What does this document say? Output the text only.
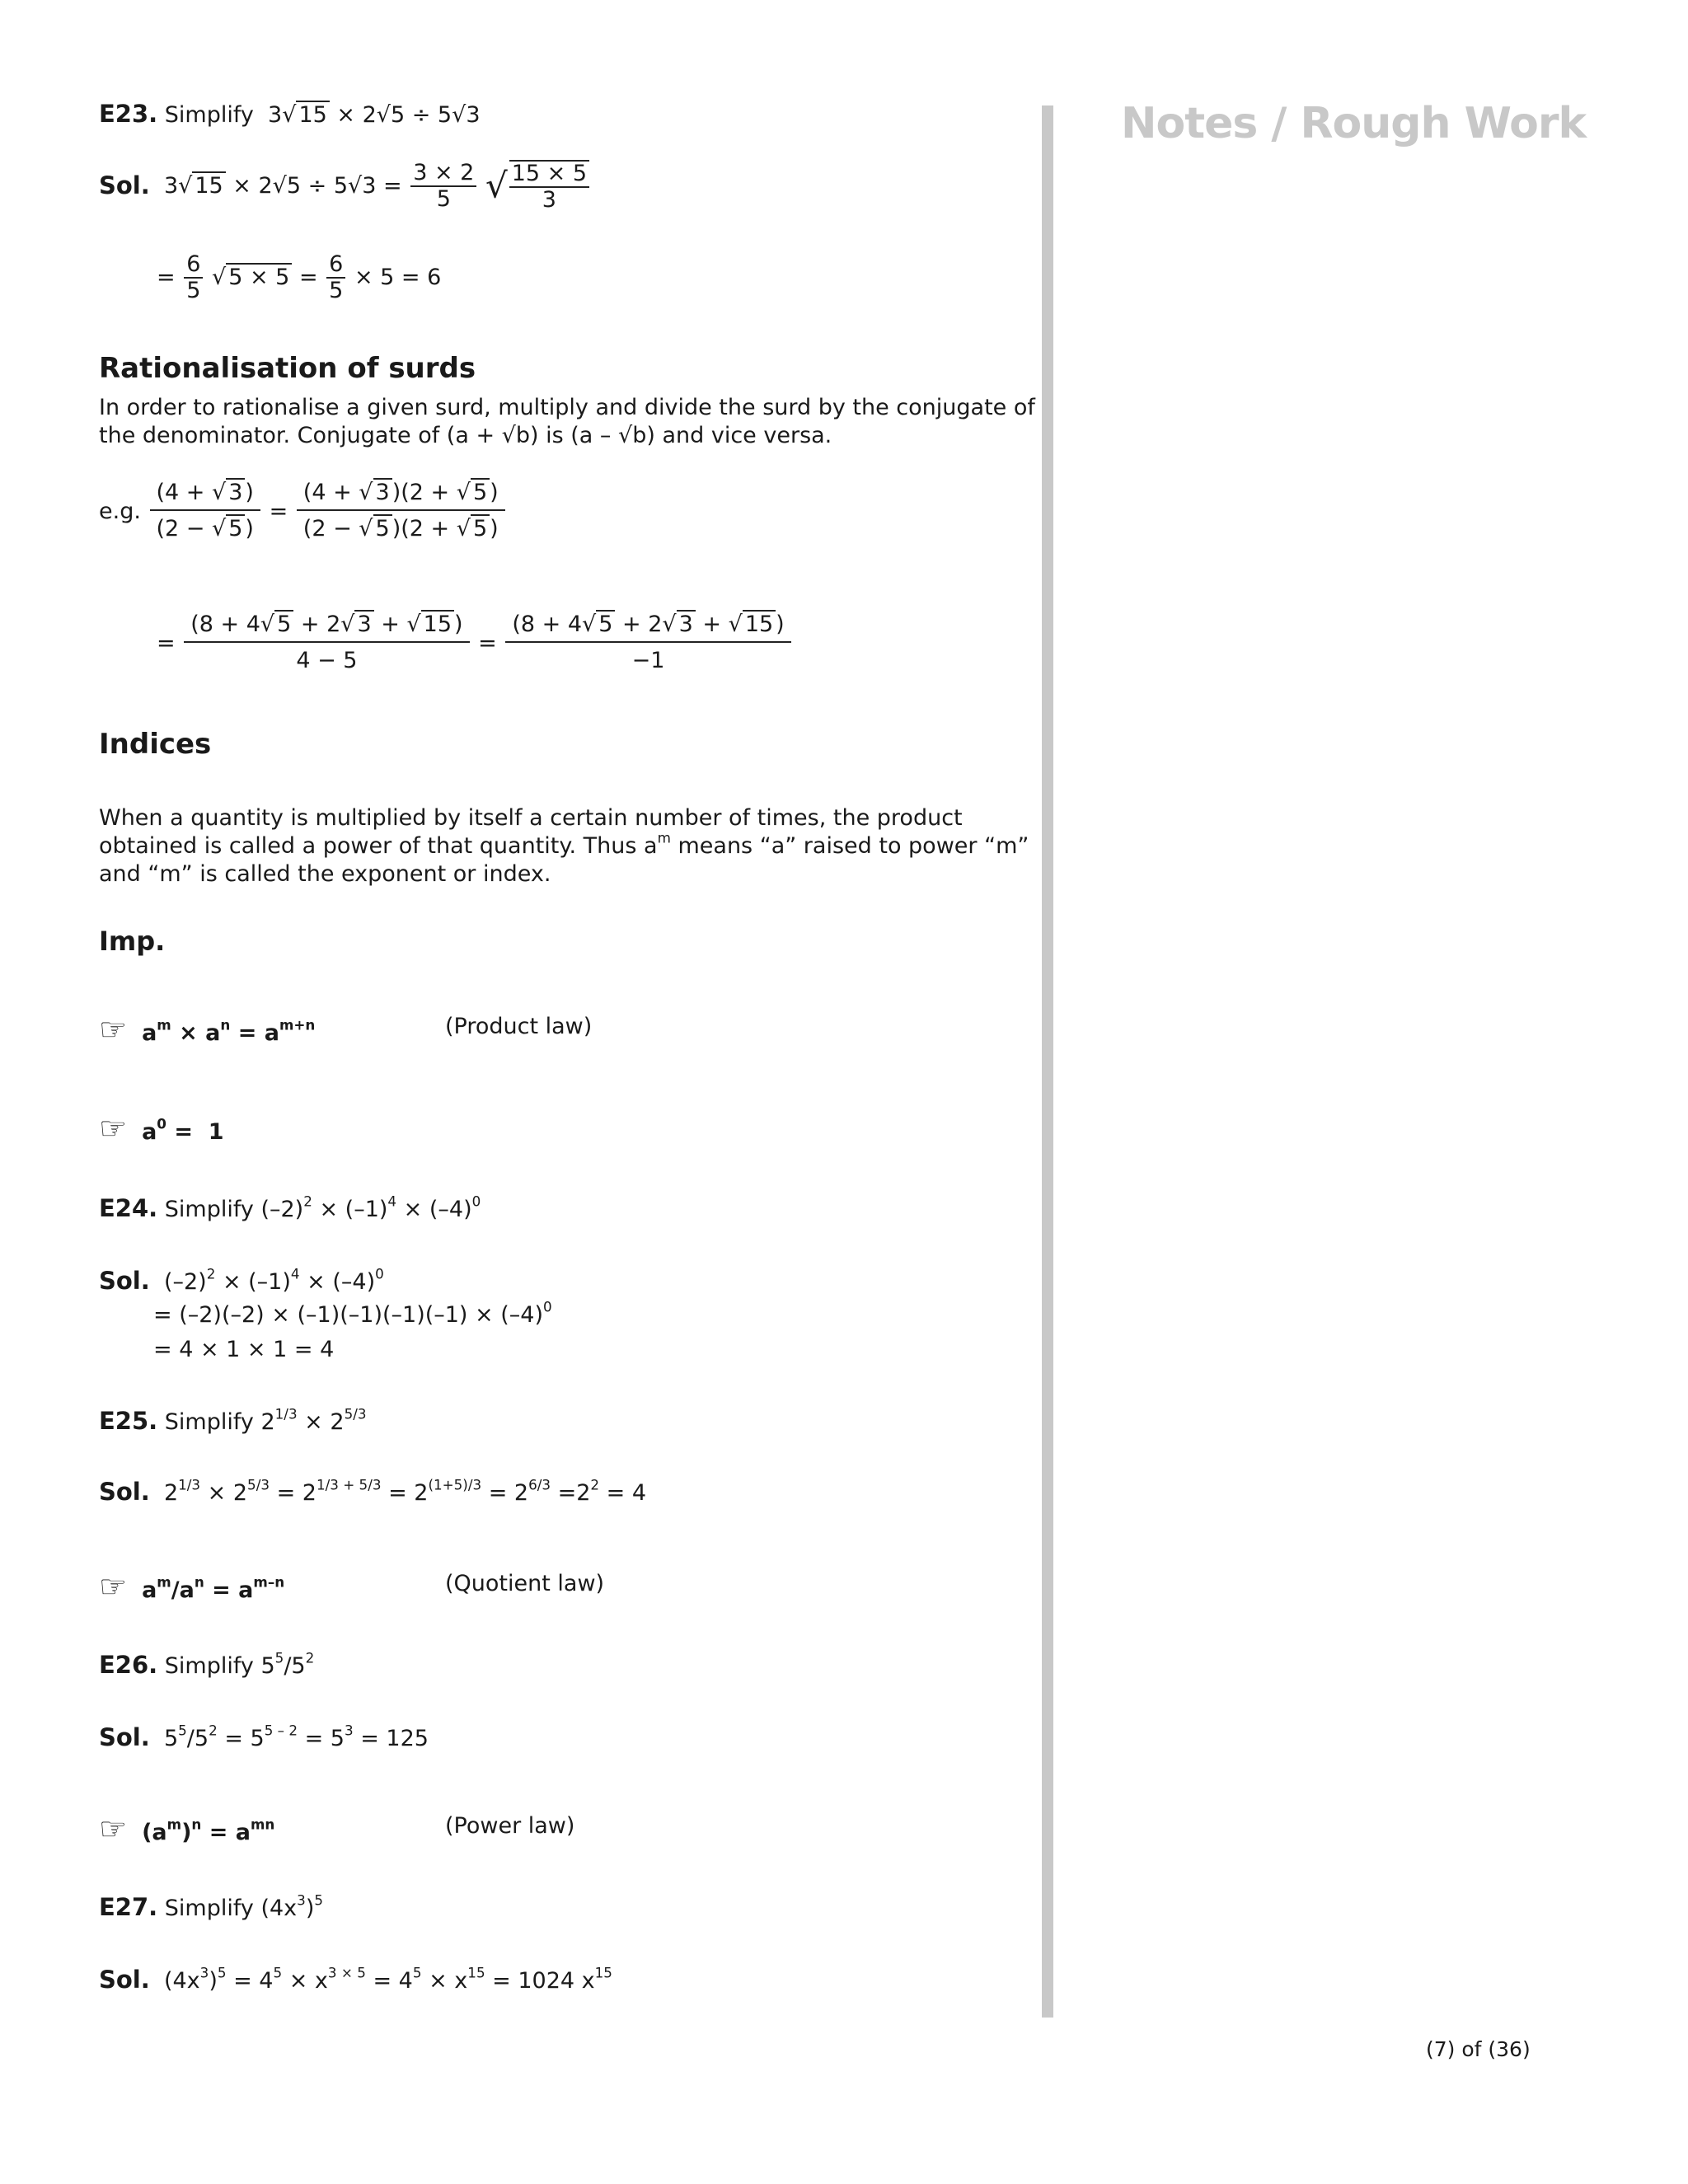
Notes / Rough Work
E23. Simplify  3√ 15 × 2√5 ÷ 5√3
Sol.  3√ $15 \times 2√5 \div 5√3 = \frac{3 \times 2}{5}$ √ $\frac{15 \times 5}{3}$
= $\frac{6}{5}$ √ $5 \times 5 = \frac{6}{5} \times 5 = 6$
Rationalisation of surds
In order to rationalise a given surd, multiply and divide the surd by the conjugate of the denominator. Conjugate of (a + √b) is (a – √b) and vice versa.
e.g. $\frac{(4 + √ 3 )}{(2 - √ 5 )} = \frac{(4 + √ 3 )(2 + √ 5 )}{(2 - √ 5 )(2 + √ 5 )}$
= $\frac{(8 + 4√ 5 + 2√ 3 + √ 15 )}{4 - 5} = \frac{(8 + 4√ 5 + 2√ 3 + √ 15 )}{-1}$
Indices
When a quantity is multiplied by itself a certain number of times, the product obtained is called a power of that quantity. Thus $a^m$ means “a” raised to power “m” and “m” is called the exponent or index.
Imp.
☞  $a^m \times a^n = a^{m+n}$	(Product law)
☞  $a^0 = 1$
E24. Simplify $(-2)^2 \times (-1)^4 \times (-4)^0$
Sol.  $(-2)^2 \times (-1)^4 \times (-4)^0$
= $(-2)(-2) \times (-1)(-1)(-1)(-1) \times (-4)^0$
= 4 × 1 × 1 = 4
E25. Simplify $2^{1/3} \times 2^{5/3}$
Sol.  $2^{1/3} \times 2^{5/3} = 2^{1/3 + 5/3} = 2^{(1+5)/3} = 2^{6/3} =2^2 = 4$
☞  $a^m/a^n = a^{m-n}$	(Quotient law)
E26. Simplify $5^5/5^2$
Sol.  $5^5/5^2 = 5^{5 - 2} = 5^3 = 125$
☞  $(a^m)^n = a^{mn}$	(Power law)
E27. Simplify $(4x^3)^5$
Sol.  $(4x^3)^5 = 4^5 \times x^{3 \times 5} = 4^5 \times x^{15} = 1024$ $x^{15}$
(7) of (36)
